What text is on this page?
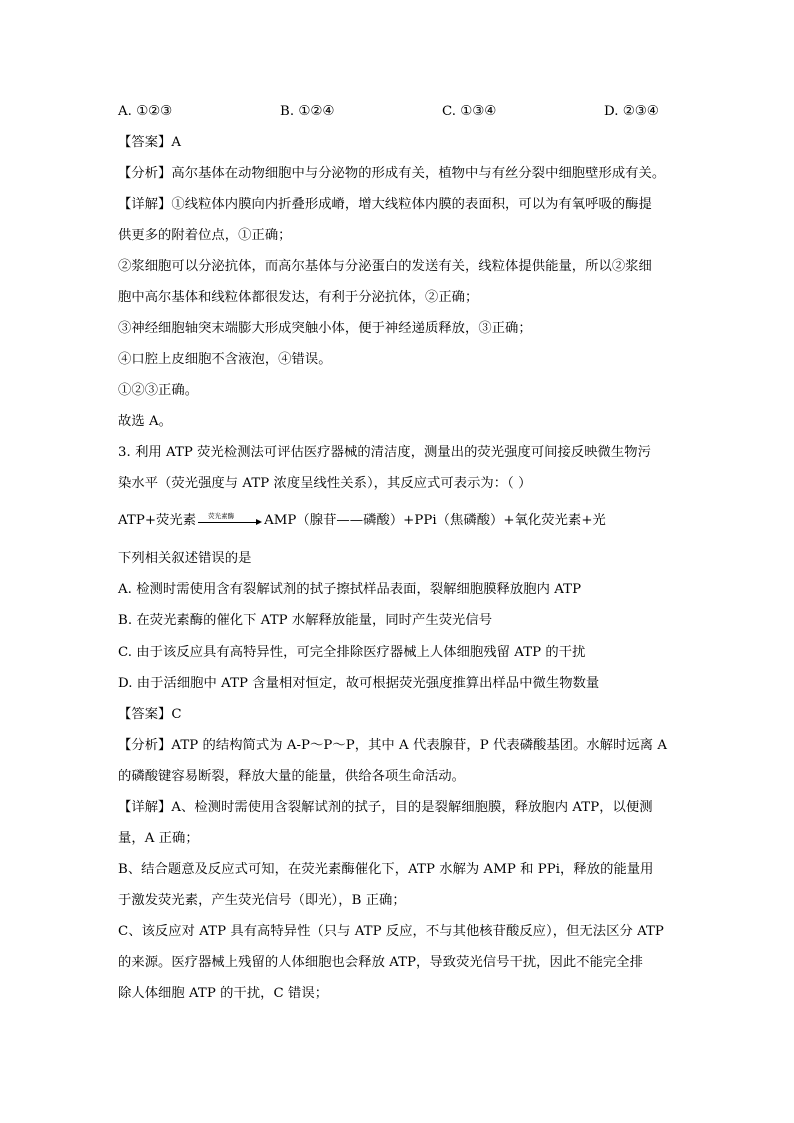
A. ①②③	B. ①②④	C. ①③④	D. ②③④
【答案】A
【分析】高尔基体在动物细胞中与分泌物的形成有关，植物中与有丝分裂中细胞壁形成有关。
【详解】①线粒体内膜向内折叠形成嵴，增大线粒体内膜的表面积，可以为有氧呼吸的酶提
供更多的附着位点，①正确；
②浆细胞可以分泌抗体，而高尔基体与分泌蛋白的发送有关，线粒体提供能量，所以②浆细
胞中高尔基体和线粒体都很发达，有利于分泌抗体，②正确；
③神经细胞轴突末端膨大形成突触小体，便于神经递质释放，③正确；
④口腔上皮细胞不含液泡，④错误。
①②③正确。
故选 A。
3. 利用 ATP 荧光检测法可评估医疗器械的清洁度，测量出的荧光强度可间接反映微生物污
染水平（荧光强度与 ATP 浓度呈线性关系），其反应式可表示为：（ ）
ATP+荧光素 荧光素酶 AMP（腺苷——磷酸）+PPi（焦磷酸）+氧化荧光素+光
下列相关叙述错误的是
A. 检测时需使用含有裂解试剂的拭子擦拭样品表面，裂解细胞膜释放胞内 ATP
B. 在荧光素酶的催化下 ATP 水解释放能量，同时产生荧光信号
C. 由于该反应具有高特异性，可完全排除医疗器械上人体细胞残留 ATP 的干扰
D. 由于活细胞中 ATP 含量相对恒定，故可根据荧光强度推算出样品中微生物数量
【答案】C
【分析】ATP 的结构简式为 A-P～P～P，其中 A 代表腺苷，P 代表磷酸基团。水解时远离 A
的磷酸键容易断裂，释放大量的能量，供给各项生命活动。
【详解】A、检测时需使用含裂解试剂的拭子，目的是裂解细胞膜，释放胞内 ATP，以便测
量，A 正确；
B、结合题意及反应式可知，在荧光素酶催化下，ATP 水解为 AMP 和 PPi，释放的能量用
于激发荧光素，产生荧光信号（即光），B 正确；
C、该反应对 ATP 具有高特异性（只与 ATP 反应，不与其他核苷酸反应），但无法区分 ATP
的来源。医疗器械上残留的人体细胞也会释放 ATP，导致荧光信号干扰，因此不能完全排
除人体细胞 ATP 的干扰，C 错误；
